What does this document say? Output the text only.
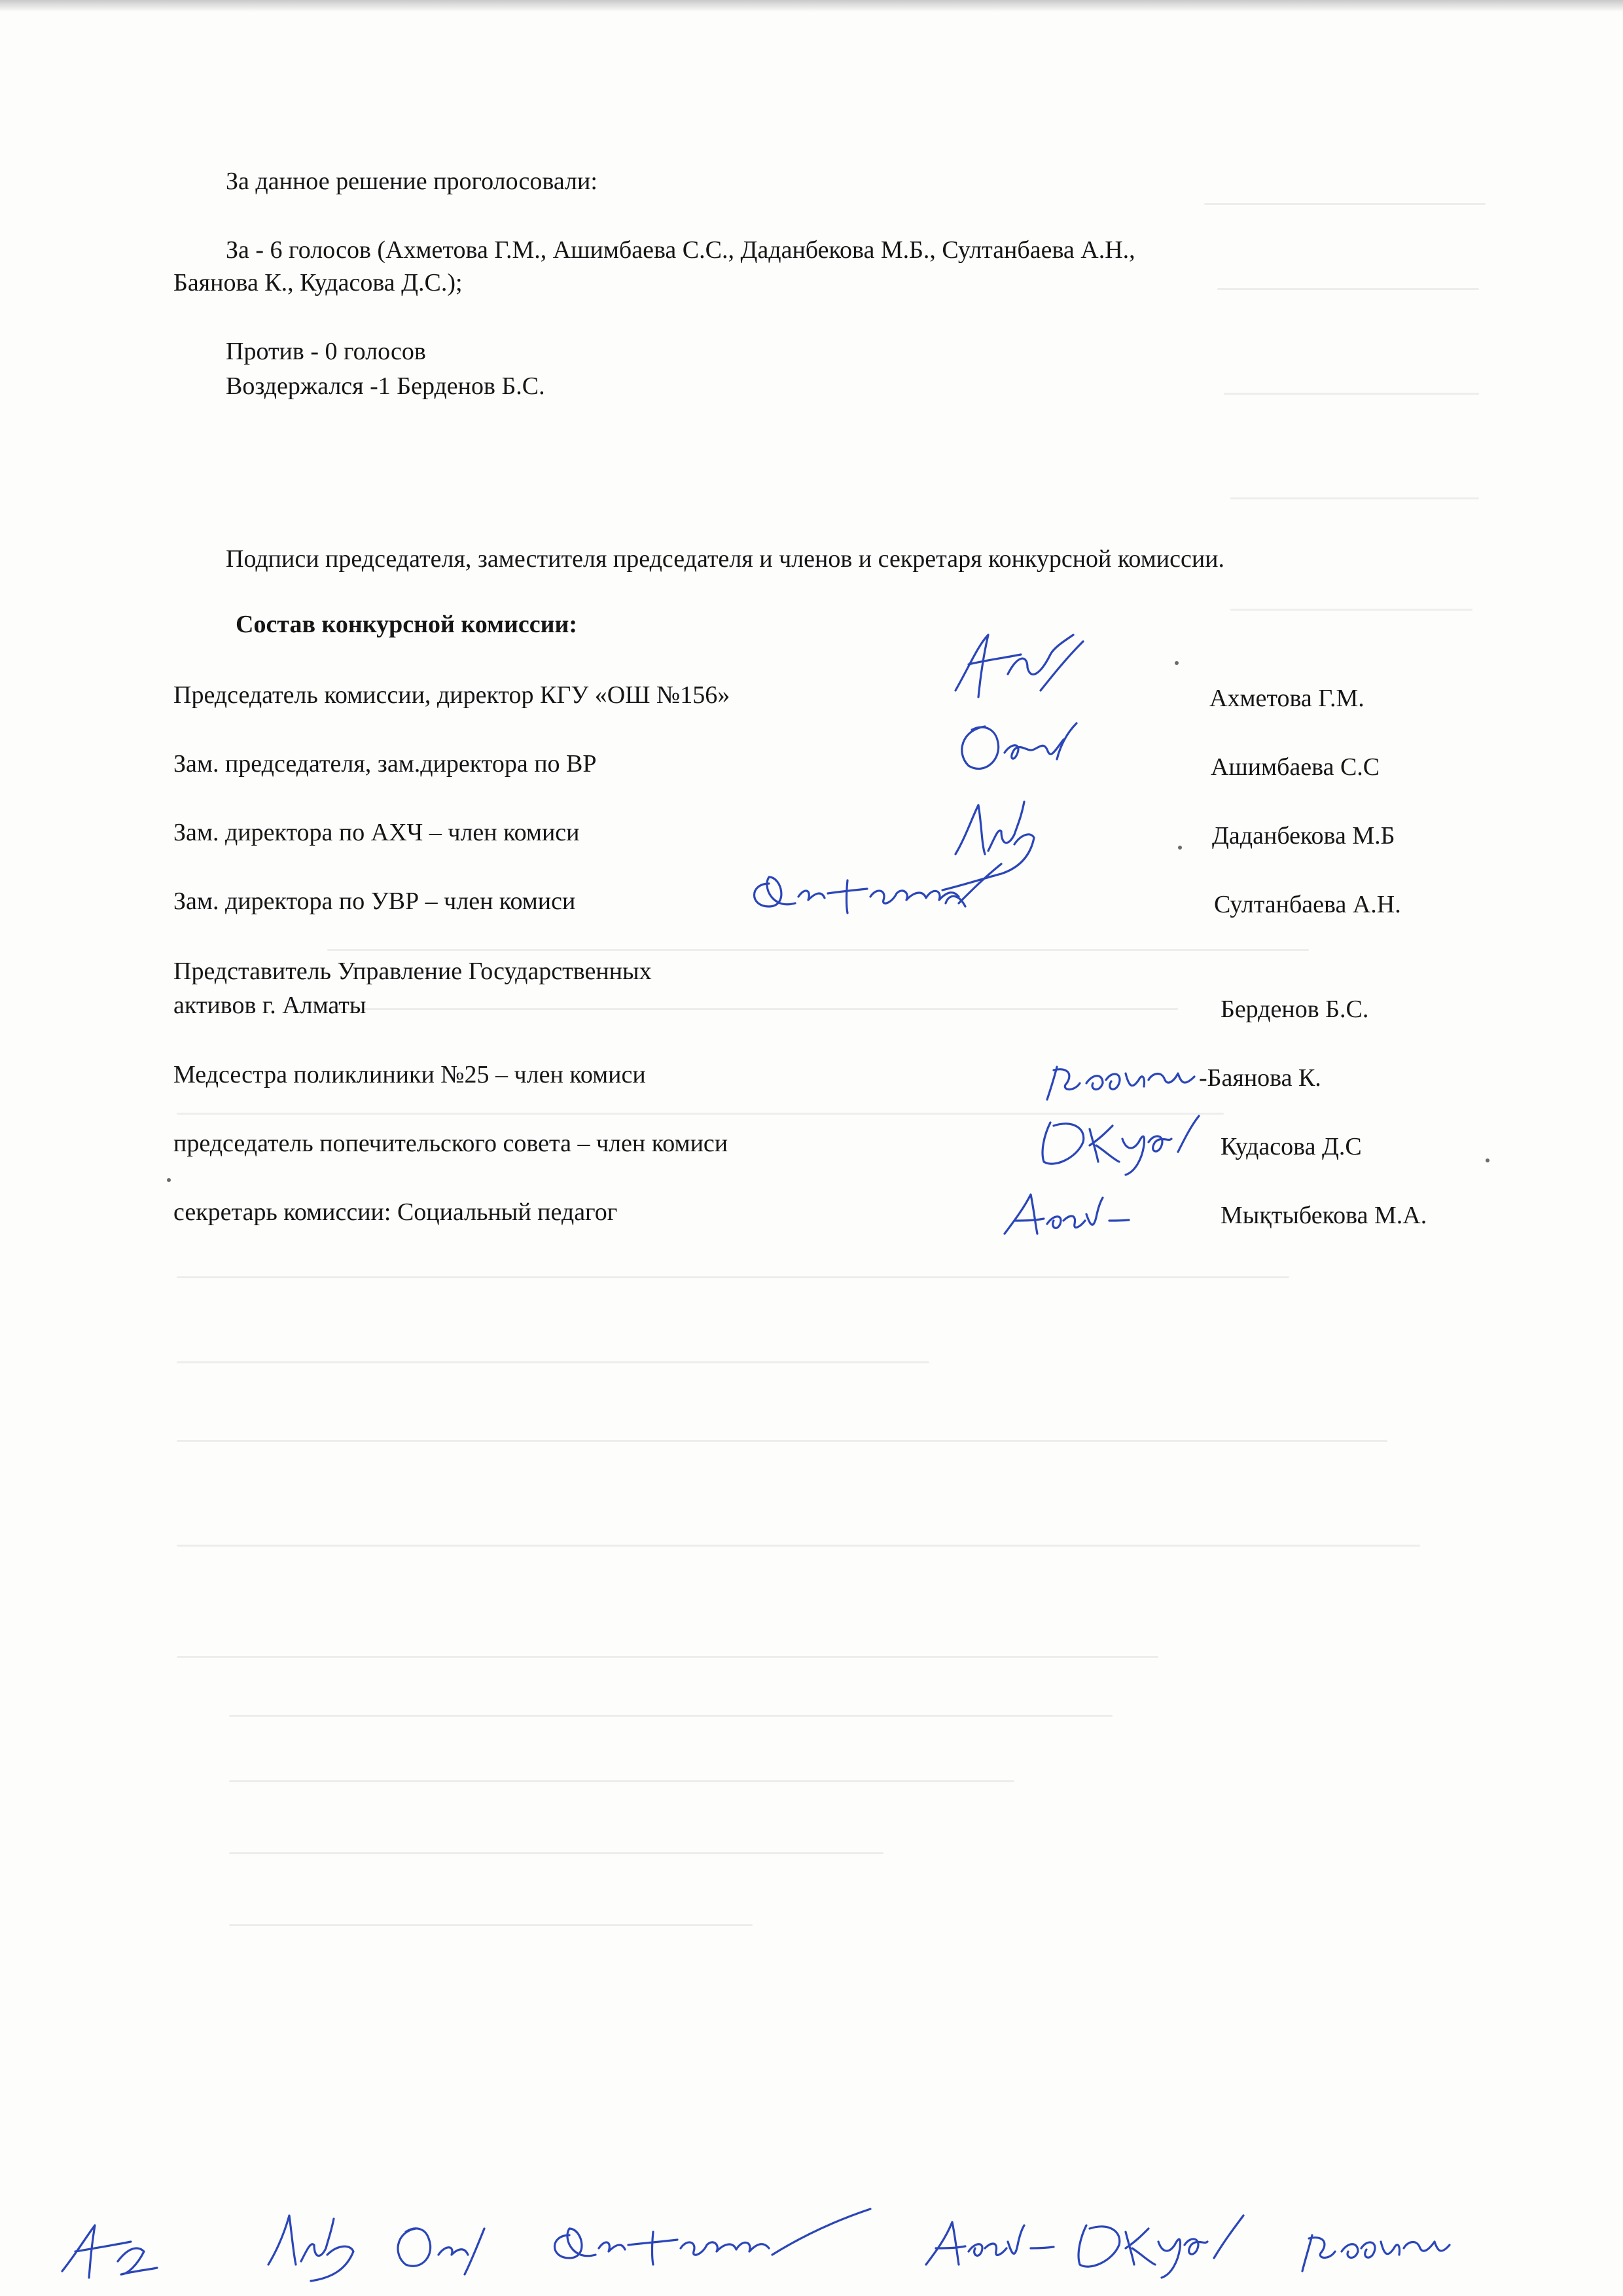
За данное решение проголосовали:
За - 6 голосов (Ахметова Г.М., Ашимбаева С.С., Даданбекова М.Б., Султанбаева А.Н.,
Баянова К., Кудасова Д.С.);
Против - 0 голосов
Воздержался -1 Берденов Б.С.
Подписи председателя, заместителя председателя и членов и секретаря конкурсной комиссии.
Состав конкурсной комиссии:
Председатель комиссии, директор КГУ «ОШ №156»	Ахметова Г.М.
Зам. председателя, зам.директора по ВР	Ашимбаева С.С
Зам. директора по АХЧ – член комиси	Даданбекова М.Б
Зам. директора по УВР – член комиси	Султанбаева А.Н.
Представитель Управление Государственных
активов г. Алматы	Берденов Б.С.
Медсестра поликлиники №25 – член комиси	-Баянова К.
председатель попечительского совета – член комиси	Кудасова Д.С
секретарь комиссии: Социальный педагог	Мықтыбекова М.А.
